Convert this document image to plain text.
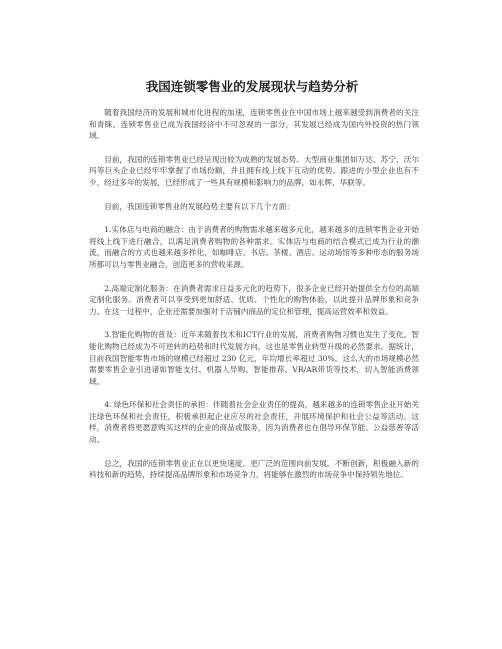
我国连锁零售业的发展现状与趋势分析

随着我国经济的发展和城市化进程的加速，连锁零售业在中国市场上越来越受到消费者的关注和青睐。连锁零售业已成为我国经济中不可忽视的一部分，其发展已经成为国内外投资的热门领域。

目前，我国的连锁零售业已经呈现出较为成熟的发展态势。大型商业集团如万达、苏宁、沃尔玛等巨头企业已经牢牢掌握了市场份额，并且拥有线上线下互动的优势。跟进的小型企业也有不少，经过多年的发展，已经形成了一些具有规模和影响力的品牌，如永辉、华联等。

目前，我国连锁零售业的发展趋势主要有以下几个方面：

1.实体店与电商的融合：由于消费者的购物需求越来越多元化，越来越多的连锁零售企业开始将线上线下进行融合，以满足消费者购物的各种需求。实体店与电商的结合模式已成为行业的潮流，而融合的方式也越来越多样化，如咖啡店、书店、茶楼、酒店、运动场馆等多种形态的服务场所都可以与零售业融合，创造更多的营收来源。

2.高端定制化服务：在消费者需求日益多元化的趋势下，很多企业已经开始提供全方位的高端定制化服务。消费者可以享受到更加舒适、优质、个性化的购物体验，以此提升品牌形象和竞争力。在这一过程中，企业还需要加强对于店铺内商品的定位和管理，提高运营效率和效益。

3.智能化购物的普及：近年来随着技术和ICT行业的发展，消费者购物习惯也发生了变化，智能化购物已经成为不可逆转的趋势和时代发展方向，这也是零售业转型升级的必然要求。据统计，目前我国智能零售市场的规模已经超过 230 亿元，年均增长率超过 30%。这么大的市场规模必然需要零售企业引进诸如智能支付、机器人导购、智能推荐、VR/AR带货等技术，切入智能消费领域。

4. 绿色环保和社会责任的承担：伴随着社会企业责任的提高，越来越多的连锁零售企业开始关注绿色环保和社会责任，积极承担起企业应尽的社会责任，开展环境保护和社会公益等活动。这样，消费者将更愿意购买这样的企业的商品或服务，因为消费者也在倡导环保节能、公益慈善等活动。

总之，我国的连锁零售业正在以更快速度、更广泛的范围向前发展。不断创新，积极融入新的科技和新的趋势，持续提高品牌形象和市场竞争力，将能够在激烈的市场竞争中保持领先地位。
